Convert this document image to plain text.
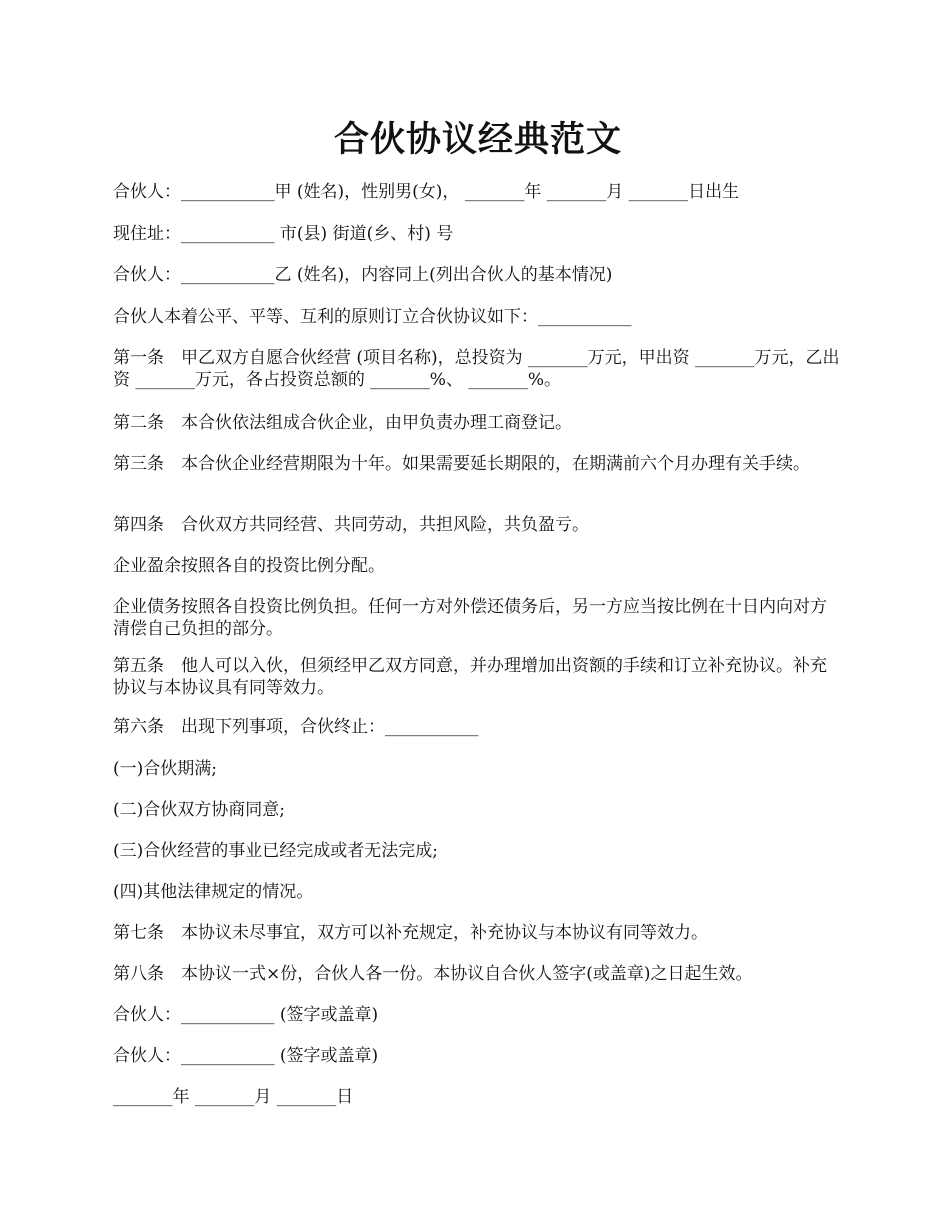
合伙协议经典范文

合伙人：___________甲 (姓名)，性别男(女)， _______年 _______月 _______日出生

现住址：___________ 市(县) 街道(乡、村) 号

合伙人：___________乙 (姓名)，内容同上(列出合伙人的基本情况)

合伙人本着公平、平等、互利的原则订立合伙协议如下：___________

第一条　甲乙双方自愿合伙经营 (项目名称)，总投资为 _______万元，甲出资 _______万元，乙出资 _______万元，各占投资总额的 _______%、 _______%。

第二条　本合伙依法组成合伙企业，由甲负责办理工商登记。

第三条　本合伙企业经营期限为十年。如果需要延长期限的，在期满前六个月办理有关手续。

第四条　合伙双方共同经营、共同劳动，共担风险，共负盈亏。

企业盈余按照各自的投资比例分配。

企业债务按照各自投资比例负担。任何一方对外偿还债务后，另一方应当按比例在十日内向对方清偿自己负担的部分。

第五条　他人可以入伙，但须经甲乙双方同意，并办理增加出资额的手续和订立补充协议。补充协议与本协议具有同等效力。

第六条　出现下列事项，合伙终止：___________

(一)合伙期满;

(二)合伙双方协商同意;

(三)合伙经营的事业已经完成或者无法完成;

(四)其他法律规定的情况。

第七条　本协议未尽事宜，双方可以补充规定，补充协议与本协议有同等效力。

第八条　本协议一式×份，合伙人各一份。本协议自合伙人签字(或盖章)之日起生效。

合伙人：___________ (签字或盖章)

合伙人：___________ (签字或盖章)

_______年 _______月 _______日
